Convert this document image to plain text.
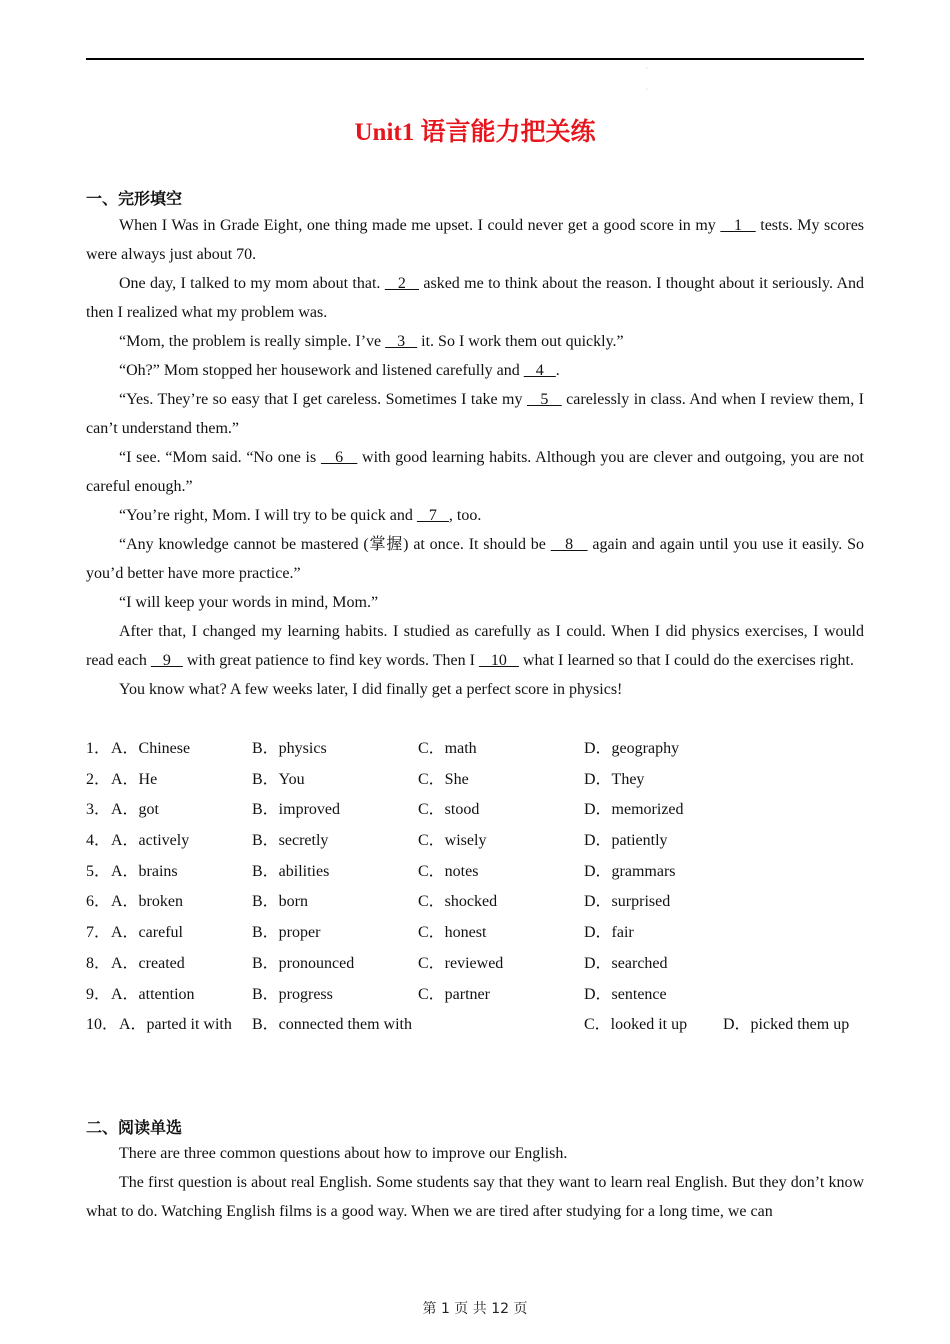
·
·
Unit1 语言能力把关练
一、完形填空

When I Was in Grade Eight, one thing made me upset. I could never get a good score in my    1    tests. My scores were always just about 70.

One day, I talked to my mom about that.    2    asked me to think about the reason. I thought about it seriously. And then I realized what my problem was.

“Mom, the problem is really simple. I’ve    3    it. So I work them out quickly.”

“Oh?” Mom stopped her housework and listened carefully and    4   .

“Yes. They’re so easy that I get careless. Sometimes I take my    5    carelessly in class. And when I review them, I can’t understand them.”

“I see. “Mom said. “No one is    6    with good learning habits. Although you are clever and outgoing, you are not careful enough.”

“You’re right, Mom. I will try to be quick and    7   , too.

“Any knowledge cannot be mastered (掌握) at once. It should be    8    again and again until you use it easily. So you’d better have more practice.”

“I will keep your words in mind, Mom.”

After that, I changed my learning habits. I studied as carefully as I could. When I did physics exercises, I would read each    9    with great patience to find key words. Then I    10    what I learned so that I could do the exercises right.

You know what? A few weeks later, I did finally get a perfect score in physics!

1． A．Chinese	B．physics	C．math	D．geography
2． A．He	B．You	C．She	D．They
3． A．got	B．improved	C．stood	D．memorized
4． A．actively	B．secretly	C．wisely	D．patiently
5． A．brains	B．abilities	C．notes	D．grammars
6． A．broken	B．born	C．shocked	D．surprised
7． A．careful	B．proper	C．honest	D．fair
8． A．created	B．pronounced	C．reviewed	D．searched
9． A．attention	B．progress	C．partner	D．sentence
10． A．parted it with B．connected them with	C．looked it up D．picked them up
二、阅读单选

There are three common questions about how to improve our English.

The first question is about real English. Some students say that they want to learn real English. But they don’t know what to do. Watching English films is a good way. When we are tired after studying for a long time, we can

第 1 页 共 12 页
